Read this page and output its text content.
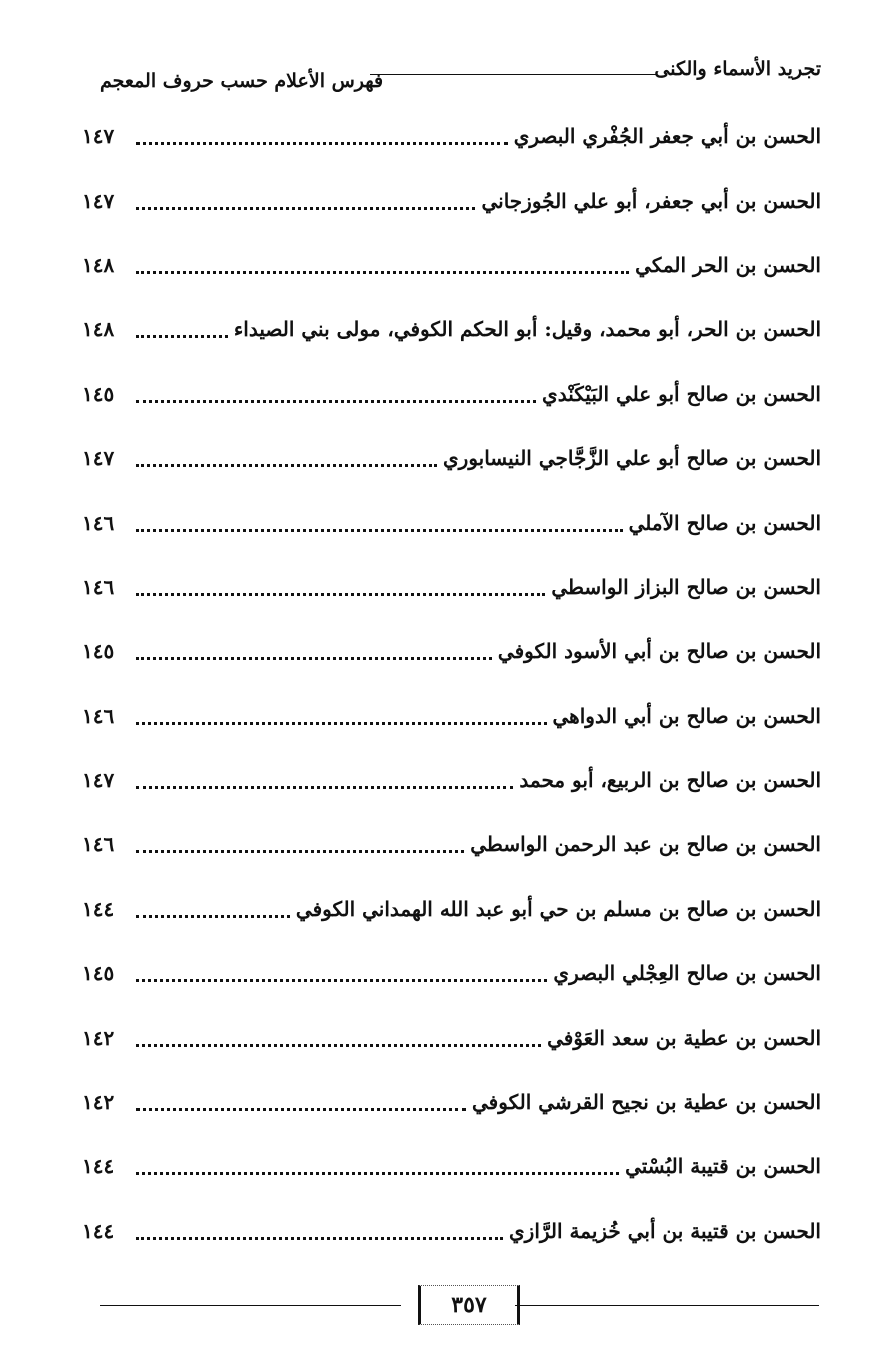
تجريد الأسماء والكنى
فهرس الأعلام حسب حروف المعجم
الحسن بن أبي جعفر الجُفْري البصري
١٤٧
الحسن بن أبي جعفر، أبو علي الجُوزجاني
١٤٧
الحسن بن الحر المكي
١٤٨
الحسن بن الحر، أبو محمد، وقيل: أبو الحكم الكوفي، مولى بني الصيداء
١٤٨
الحسن بن صالح أبو علي البَيْكَنْدي
١٤٥
الحسن بن صالح أبو علي الزَّجَّاجي النيسابوري
١٤٧
الحسن بن صالح الآملي
١٤٦
الحسن بن صالح البزاز الواسطي
١٤٦
الحسن بن صالح بن أبي الأسود الكوفي
١٤٥
الحسن بن صالح بن أبي الدواهي
١٤٦
الحسن بن صالح بن الربيع، أبو محمد
١٤٧
الحسن بن صالح بن عبد الرحمن الواسطي
١٤٦
الحسن بن صالح بن مسلم بن حي أبو عبد الله الهمداني الكوفي
١٤٤
الحسن بن صالح العِجْلي البصري
١٤٥
الحسن بن عطية بن سعد العَوْفي
١٤٢
الحسن بن عطية بن نجيح القرشي الكوفي
١٤٢
الحسن بن قتيبة البُسْتي
١٤٤
الحسن بن قتيبة بن أبي خُزيمة الرَّازي
١٤٤
٣٥٧
